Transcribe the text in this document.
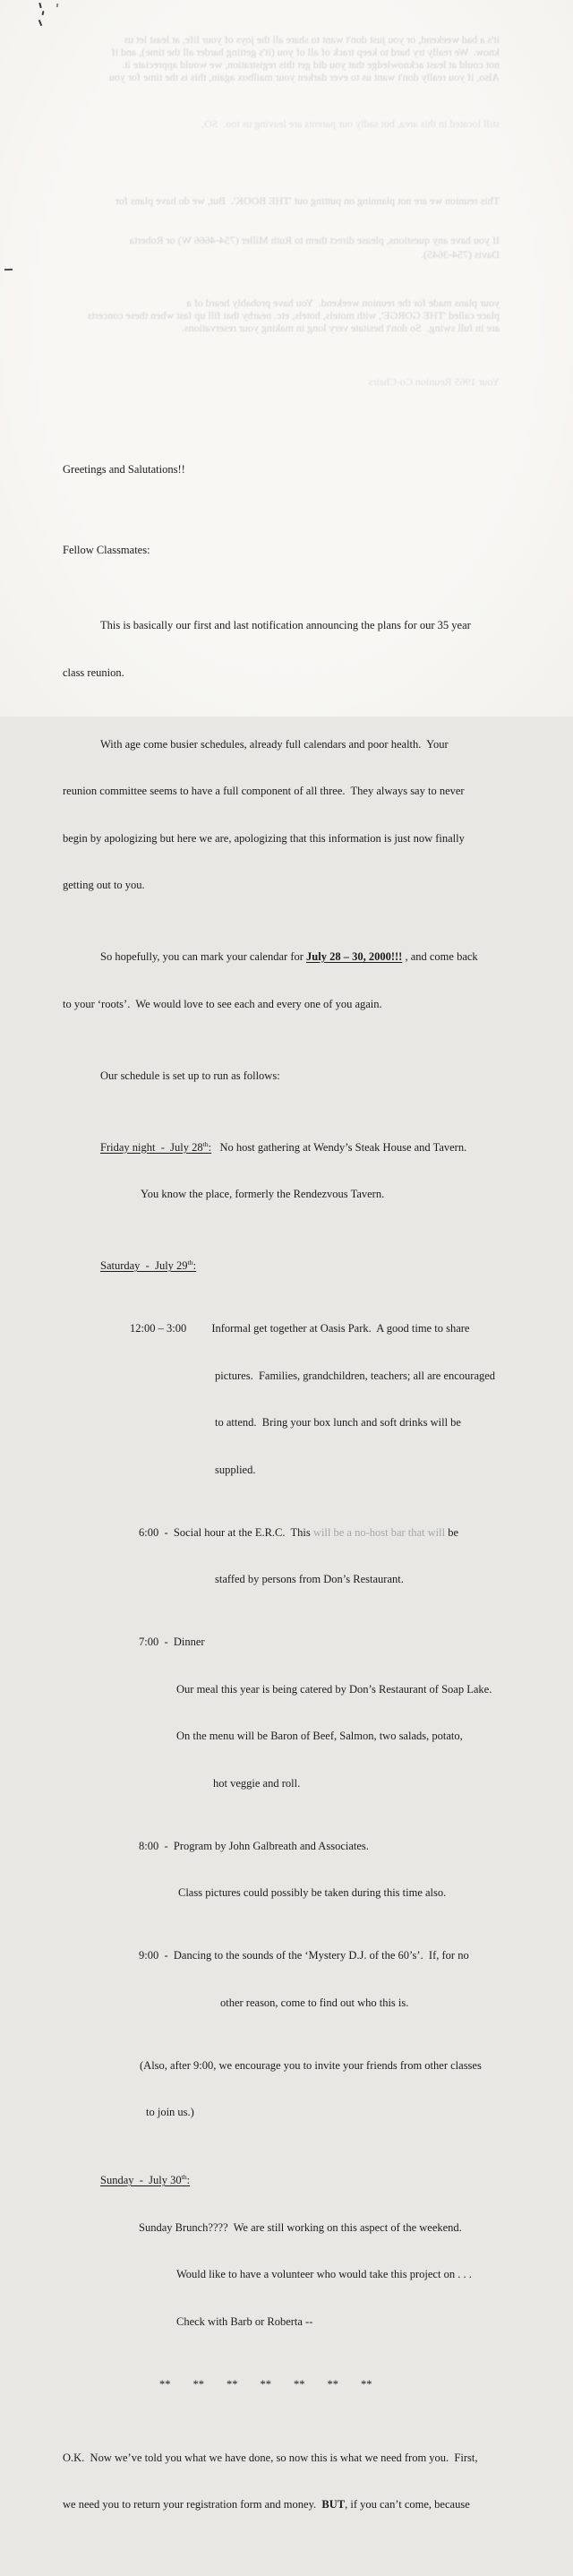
it's a bad weekend, or you just don't want to share all the joys of your life, at least let us

know.  We really try hard to keep track of all of you (it's getting harder all the time), and if

not could at least acknowledge that you did get this registration, we would appreciate it.

Also, if you really don't want us to ever darken your mailbox again, this is the time for you

still located in this area, but sadly our parents are leaving us too.  SO,

This reunion we are not planning on putting out 'THE BOOK'.  But, we do have plans for

If you have any questions, please direct them to Ruth Miller (754-4666 W) or Roberta

Davis (754-3645).

your plans made for the reunion weekend.  You have probably heard of a

place called 'THE GORGE', with motels, hotels, etc. nearby that fill up fast when these concerts

are in full swing.  So don't hesitate very long in making your reservations.

Your 1965 Reunion Co-Chairs

Greetings and Salutations!!

Fellow Classmates:

This is basically our first and last notification announcing the plans for our 35 year

class reunion.

With age come busier schedules, already full calendars and poor health.  Your

reunion committee seems to have a full component of all three.  They always say to never

begin by apologizing but here we are, apologizing that this information is just now finally

getting out to you.

So hopefully, you can mark your calendar for July 28 – 30, 2000!!! , and come back

to your ‘roots’.  We would love to see each and every one of you again.

Our schedule is set up to run as follows:

Friday night  -  July 28th:   No host gathering at Wendy’s Steak House and Tavern.

You know the place, formerly the Rendezvous Tavern.

Saturday  -  July 29th:

12:00 – 3:00         Informal get together at Oasis Park.  A good time to share

pictures.  Families, grandchildren, teachers; all are encouraged

to attend.  Bring your box lunch and soft drinks will be

supplied.

6:00  -  Social hour at the E.R.C.  This will be a no-host bar that will be

staffed by persons from Don’s Restaurant.

7:00  -  Dinner

Our meal this year is being catered by Don’s Restaurant of Soap Lake.

On the menu will be Baron of Beef, Salmon, two salads, potato,

hot veggie and roll.

8:00  -  Program by John Galbreath and Associates.

Class pictures could possibly be taken during this time also.

9:00  -  Dancing to the sounds of the ‘Mystery D.J. of the 60’s’.  If, for no

other reason, come to find out who this is.

(Also, after 9:00, we encourage you to invite your friends from other classes

to join us.)

Sunday  -  July 30th:

Sunday Brunch????  We are still working on this aspect of the weekend.

Would like to have a volunteer who would take this project on . . .

Check with Barb or Roberta --

**        **        **        **        **        **        **

O.K.  Now we’ve told you what we have done, so now this is what we need from you.  First,

we need you to return your registration form and money.  BUT, if you can’t come, because
